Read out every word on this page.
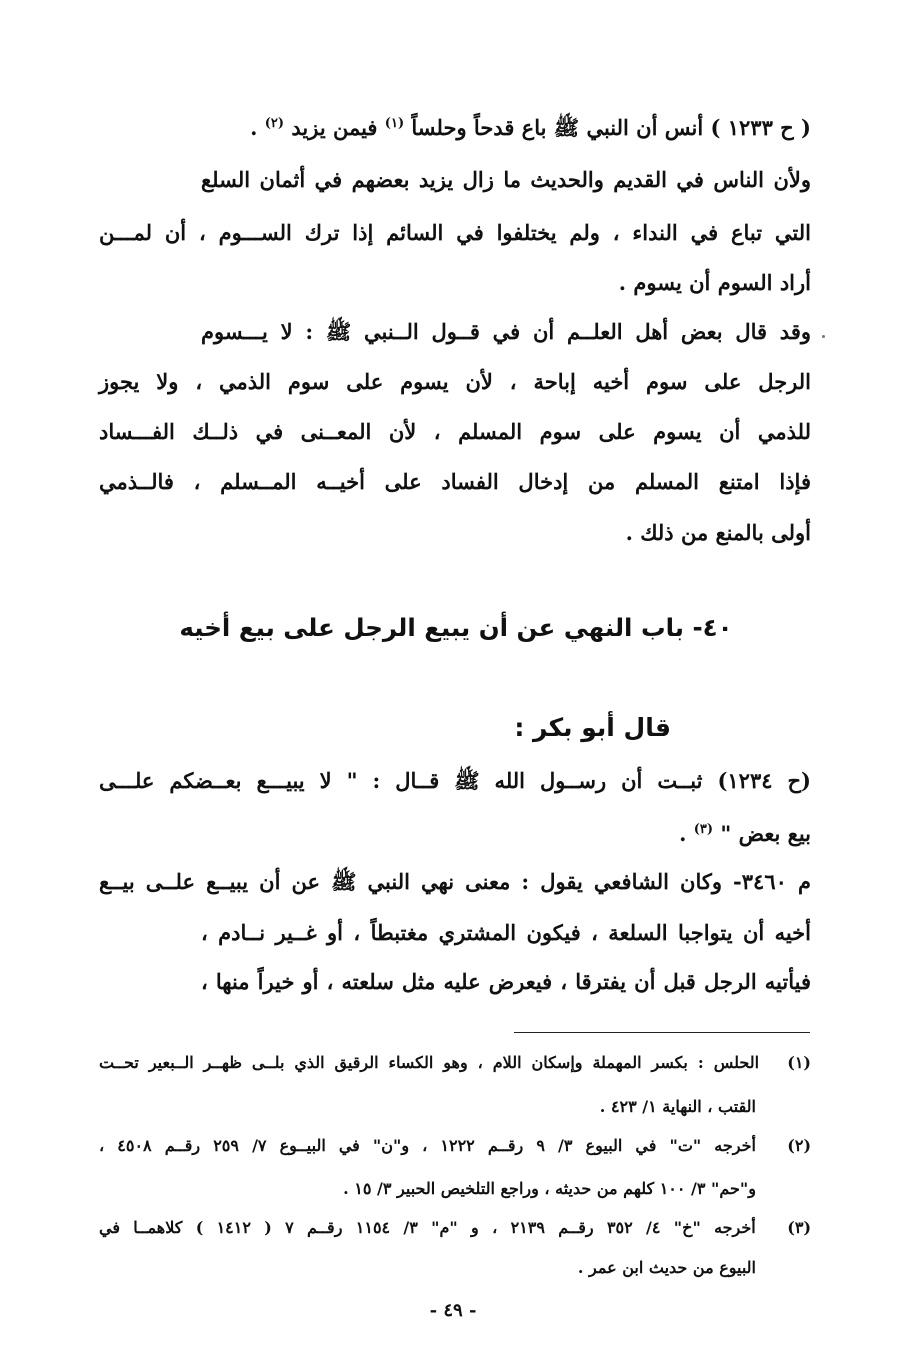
( ح ١٢٣٣ ) أنس أن النبي ﷺ باع قدحاً وحلساً $^{(١)}$ فيمن يزيد $^{(٢)}$ .
ولأن الناس في القديم والحديث ما زال يزيد بعضهم في أثمان السلع
التي تباع في النداء ، ولم يختلفوا في السائم إذا ترك الســـوم ، أن لمـــن
أراد السوم أن يسوم .
وقد قال بعض أهل العلــم أن في قــول الــنبي ﷺ : لا يـــسوم
الرجل على سوم أخيه إباحة ، لأن يسوم على سوم الذمي ، ولا يجوز
للذمي أن يسوم على سوم المسلم ، لأن المعــنى في ذلــك الفـــساد
فإذا امتنع المسلم من إدخال الفساد على أخيــه المــسلم ، فالــذمي
أولى بالمنع من ذلك .
٤٠- باب النهي عن أن يبيع الرجل على بيع أخيه
قال أبو بكر :
(ح ١٢٣٤) ثبــت أن رســول الله ﷺ قــال : " لا يبيـــع بعــضكم علـــى
بيع بعض " $^{(٣)}$ .
م ٣٤٦٠- وكان الشافعي يقول : معنى نهي النبي ﷺ عن أن يبيــع علــى بيــع
أخيه أن يتواجبا السلعة ، فيكون المشتري مغتبطاً ، أو غــير نــادم ،
فيأتيه الرجل قبل أن يفترقا ، فيعرض عليه مثل سلعته ، أو خيراً منها ،
(١) الحلس : بكسر المهملة وإسكان اللام ، وهو الكساء الرقيق الذي بلــى ظهــر الــبعير تحــت
القتب ، النهاية ١/ ٤٢٣ .
(٢) أخرجه "ت" في البيوع ٣/ ٩ رقــم ١٢٢٢ ، و"ن" في البيــوع ٧/ ٢٥٩ رقــم ٤٥٠٨ ،
و"حم" ٣/ ١٠٠ كلهم من حديثه ، وراجع التلخيص الحبير ٣/ ١٥ .
(٣) أخرجه "خ" ٤/ ٣٥٢ رقــم ٢١٣٩ ، و "م" ٣/ ١١٥٤ رقــم ٧ ( ١٤١٢ ) كلاهمــا في
البيوع من حديث ابن عمر .
- ٤٩ -
